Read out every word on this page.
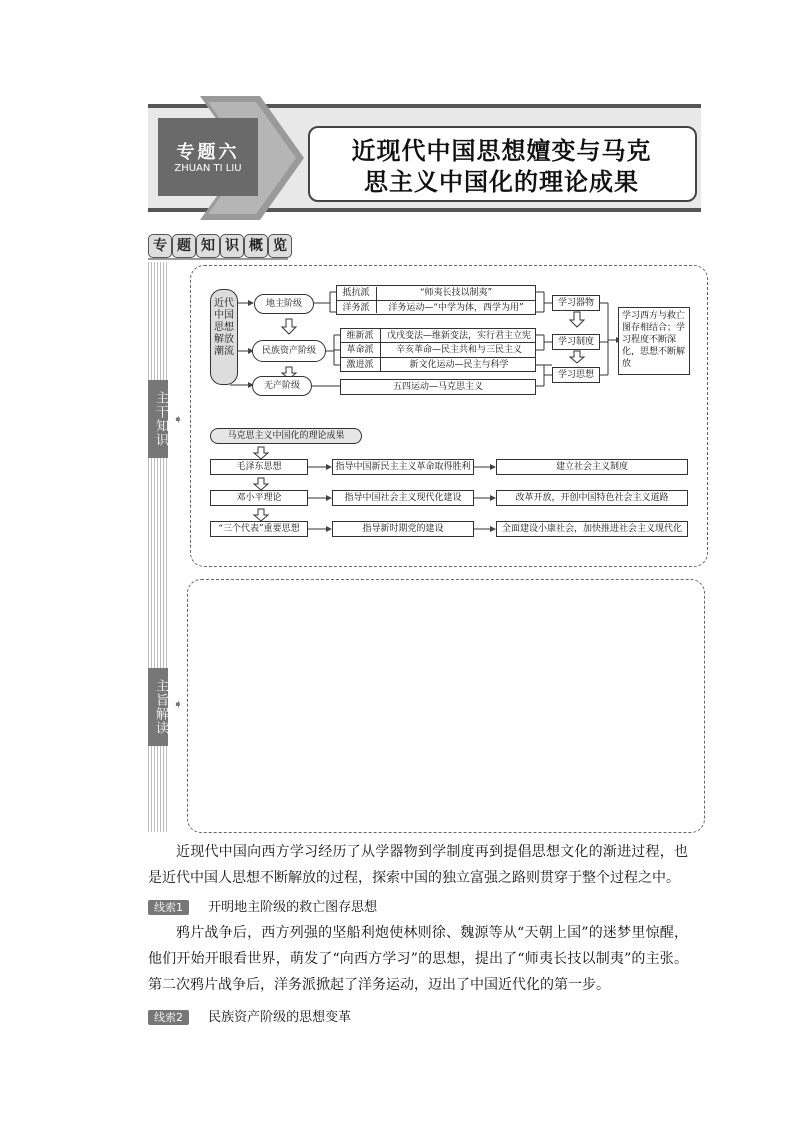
专题六
ZHUAN TI LIU
近现代中国思想嬗变与马克
思主义中国化的理论成果
专 题 知 识 概 览
主干知识 ➧
主旨解读 ➧
近代中国思想解放潮流
地主阶级
民族资产阶级
无产阶级
抵抗派	“师夷长技以制夷”
洋务派	洋务运动—“中学为体，西学为用”
维新派	戊戌变法—维新变法，实行君主立宪
革命派	辛亥革命—民主共和与三民主义
激进派	新文化运动—民主与科学
五四运动—马克思主义
学习器物
学习制度
学习思想
学习西方与救亡图存相结合；学习程度不断深化，思想不断解放
马克思主义中国化的理论成果
毛泽东思想	指导中国新民主主义革命取得胜利	建立社会主义制度
邓小平理论	指导中国社会主义现代化建设	改革开放，开创中国特色社会主义道路
“三个代表”重要思想	指导新时期党的建设	全面建设小康社会，加快推进社会主义现代化
近现代中国向西方学习经历了从学器物到学制度再到提倡思想文化的渐进过程，也是近代中国人思想不断解放的过程，探索中国的独立富强之路则贯穿于整个过程之中。
线索1 开明地主阶级的救亡图存思想
鸦片战争后，西方列强的坚船利炮使林则徐、魏源等从“天朝上国”的迷梦里惊醒，他们开始开眼看世界，萌发了“向西方学习”的思想，提出了“师夷长技以制夷”的主张。第二次鸦片战争后，洋务派掀起了洋务运动，迈出了中国近代化的第一步。
线索2 民族资产阶级的思想变革
